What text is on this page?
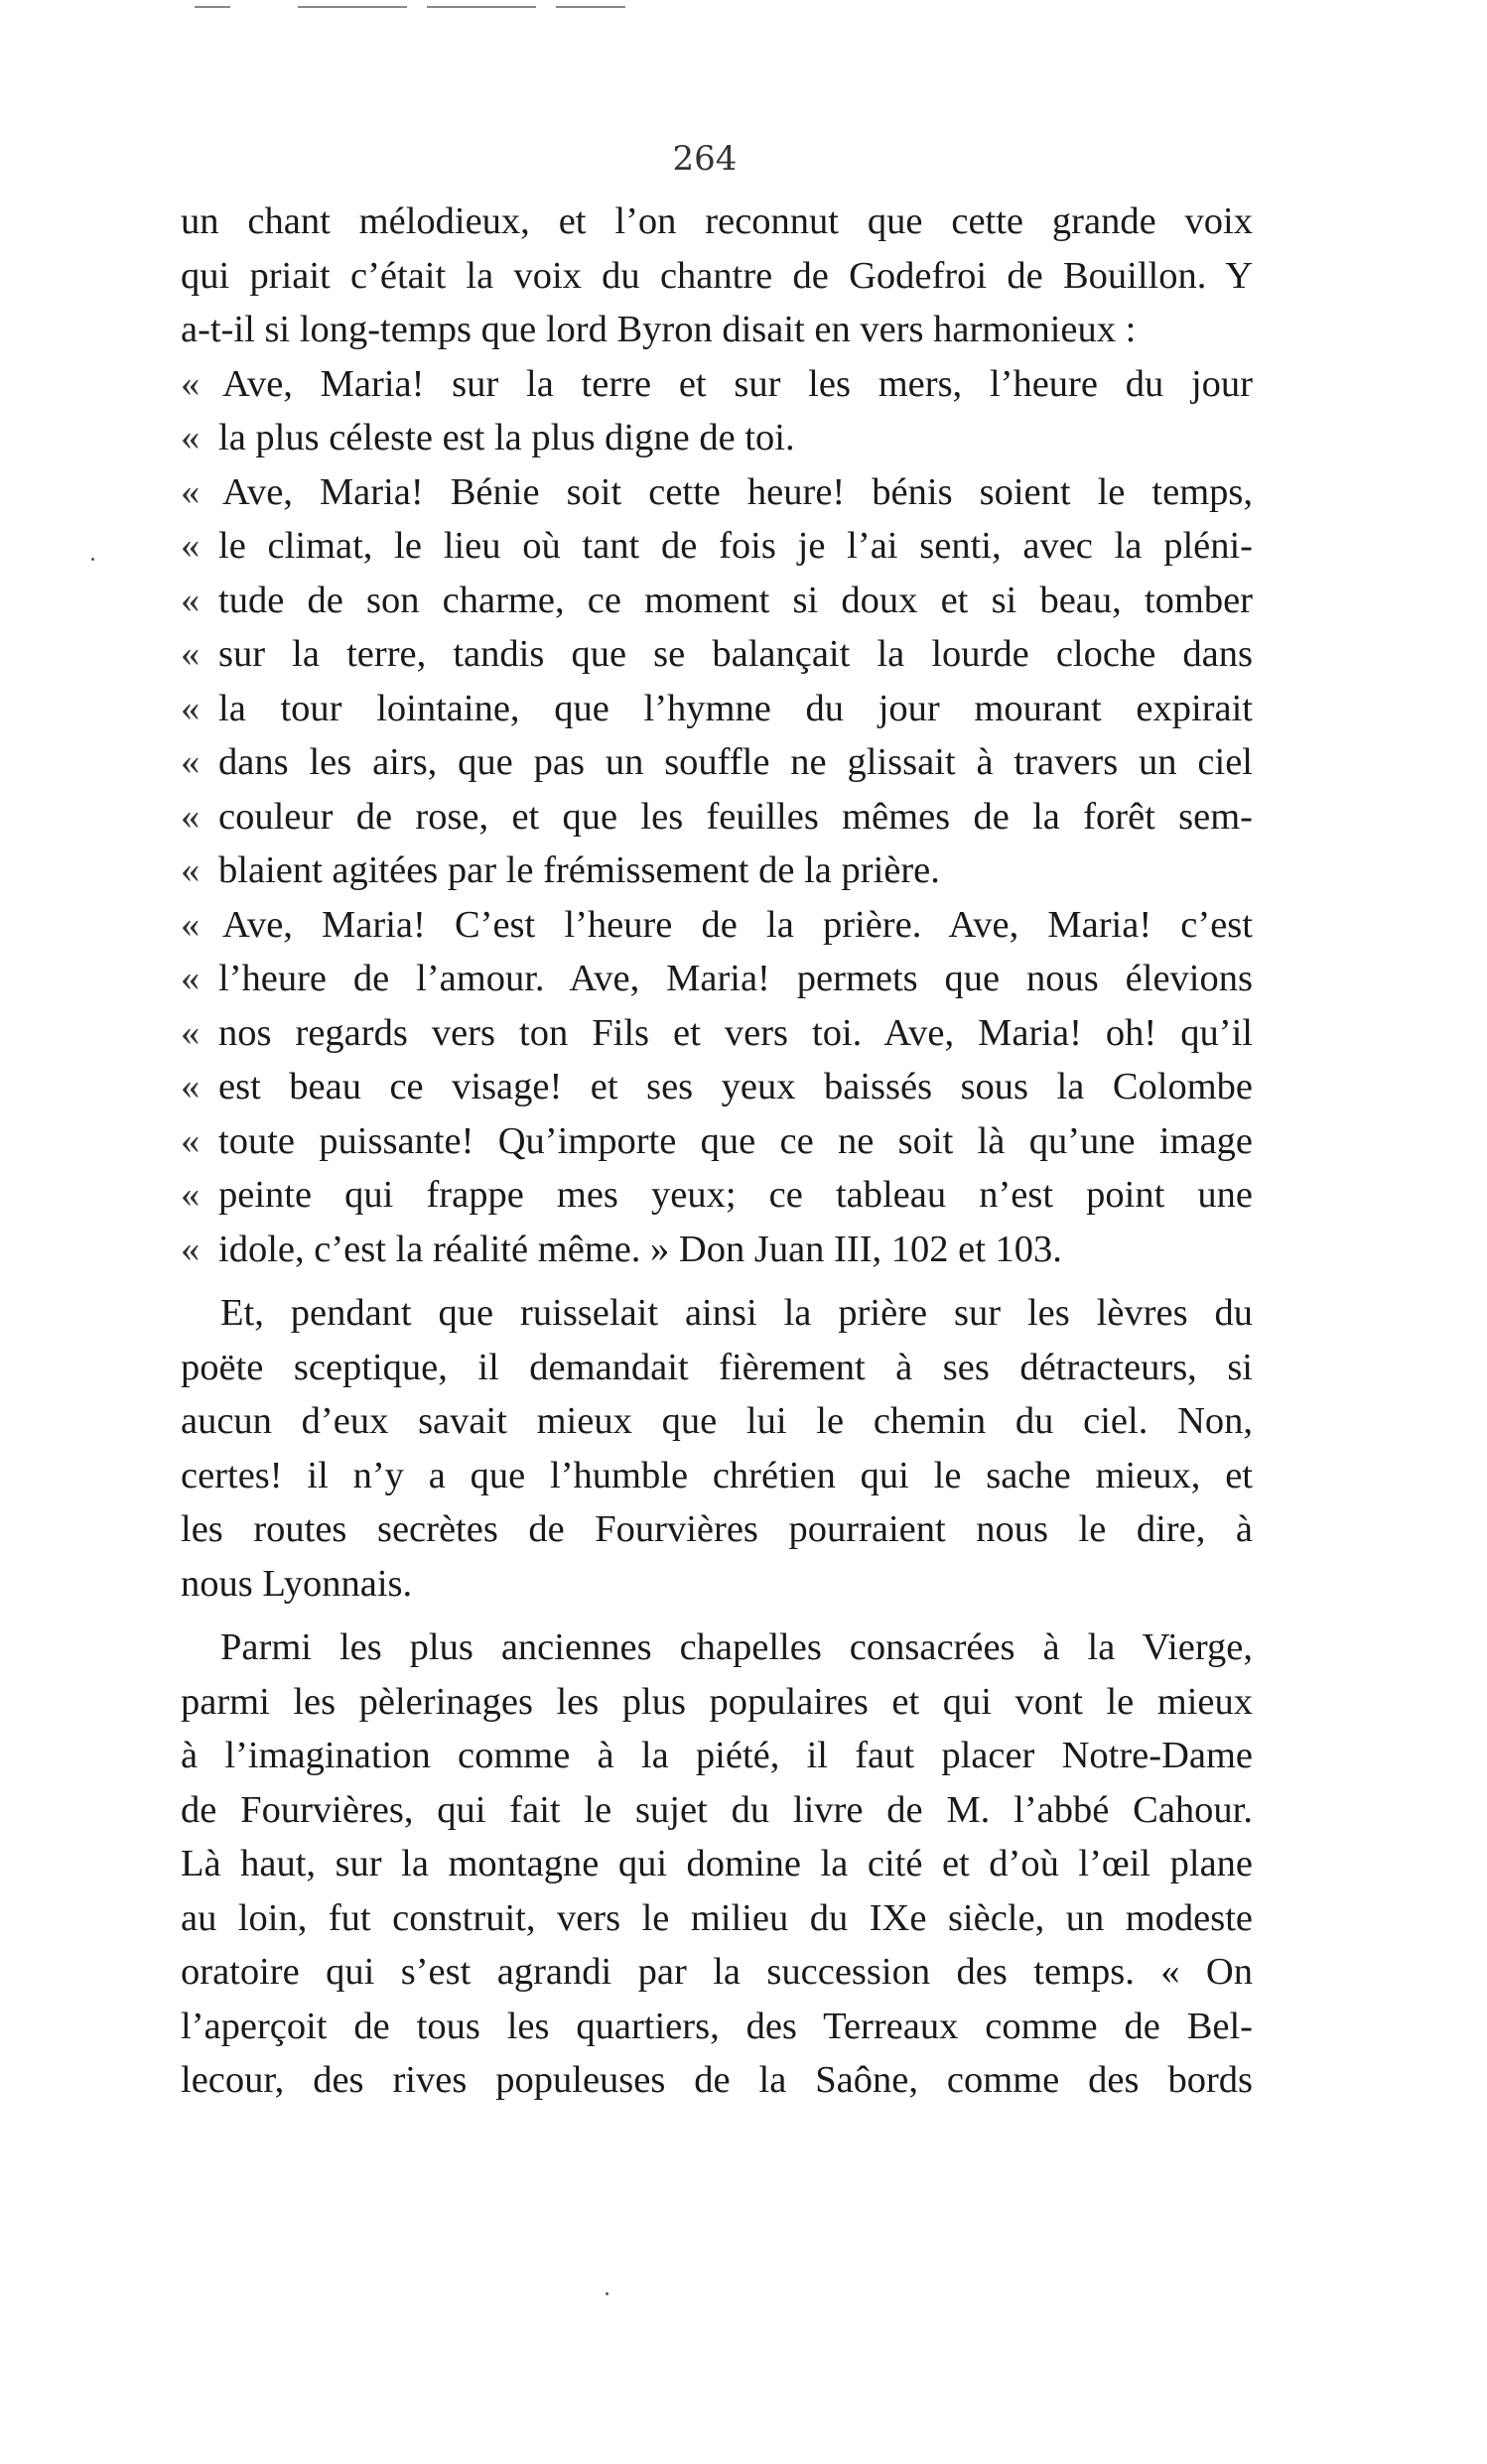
264
un chant mélodieux, et l’on reconnut que cette grande voix
qui priait c’était la voix du chantre de Godefroi de Bouillon. Y
a-t-il si long-temps que lord Byron disait en vers harmonieux :
« Ave, Maria! sur la terre et sur les mers, l’heure du jour
« la plus céleste est la plus digne de toi.
« Ave, Maria! Bénie soit cette heure! bénis soient le temps,
« le climat, le lieu où tant de fois je l’ai senti, avec la pléni-
« tude de son charme, ce moment si doux et si beau, tomber
« sur la terre, tandis que se balançait la lourde cloche dans
« la tour lointaine, que l’hymne du jour mourant expirait
« dans les airs, que pas un souffle ne glissait à travers un ciel
« couleur de rose, et que les feuilles mêmes de la forêt sem-
« blaient agitées par le frémissement de la prière.
« Ave, Maria! C’est l’heure de la prière. Ave, Maria! c’est
« l’heure de l’amour. Ave, Maria! permets que nous élevions
« nos regards vers ton Fils et vers toi. Ave, Maria! oh! qu’il
« est beau ce visage! et ses yeux baissés sous la Colombe
« toute puissante! Qu’importe que ce ne soit là qu’une image
« peinte qui frappe mes yeux; ce tableau n’est point une
« idole, c’est la réalité même. » Don Juan III, 102 et 103.
Et, pendant que ruisselait ainsi la prière sur les lèvres du
poëte sceptique, il demandait fièrement à ses détracteurs, si
aucun d’eux savait mieux que lui le chemin du ciel. Non,
certes! il n’y a que l’humble chrétien qui le sache mieux, et
les routes secrètes de Fourvières pourraient nous le dire, à
nous Lyonnais.
Parmi les plus anciennes chapelles consacrées à la Vierge,
parmi les pèlerinages les plus populaires et qui vont le mieux
à l’imagination comme à la piété, il faut placer Notre-Dame
de Fourvières, qui fait le sujet du livre de M. l’abbé Cahour.
Là haut, sur la montagne qui domine la cité et d’où l’œil plane
au loin, fut construit, vers le milieu du IXe siècle, un modeste
oratoire qui s’est agrandi par la succession des temps. « On
l’aperçoit de tous les quartiers, des Terreaux comme de Bel-
lecour, des rives populeuses de la Saône, comme des bords
